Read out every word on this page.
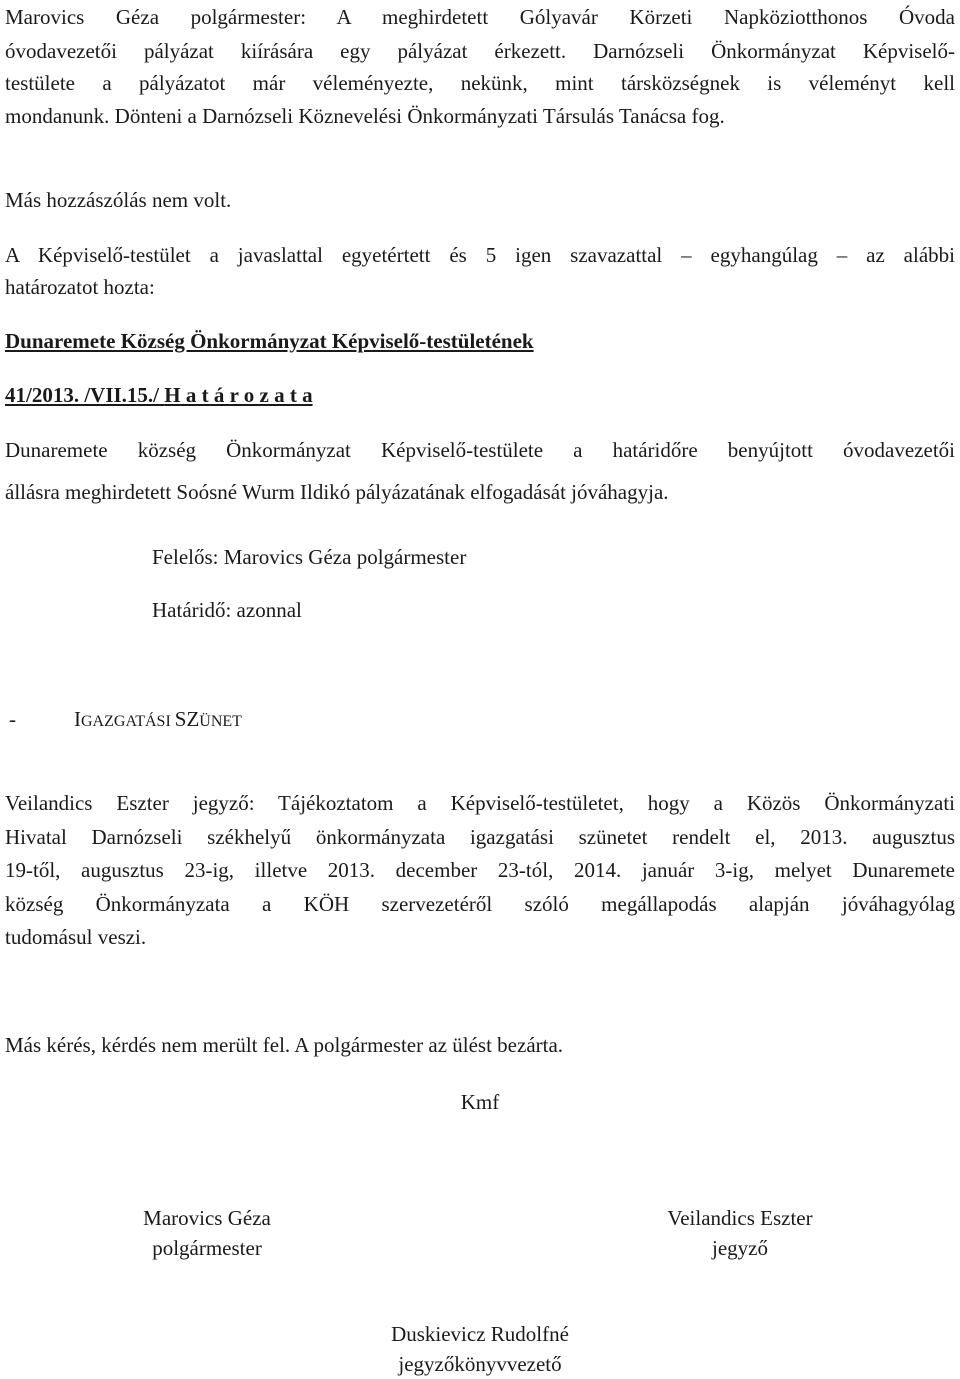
Marovics Géza polgármester: A meghirdetett Gólyavár Körzeti Napköziotthonos Óvoda
óvodavezetői pályázat kiírására egy pályázat érkezett. Darnózseli Önkormányzat Képviselő-
testülete a pályázatot már véleményezte, nekünk, mint társközségnek is véleményt kell
mondanunk. Dönteni a Darnózseli Köznevelési Önkormányzati Társulás Tanácsa fog.
Más hozzászólás nem volt.
A Képviselő-testület a javaslattal egyetértett és 5 igen szavazattal – egyhangúlag – az alábbi
határozatot hozta:
Dunaremete Község Önkormányzat Képviselő-testületének
41/2013. /VII.15./ H a t á r o z a t a
Dunaremete község Önkormányzat Képviselő-testülete a határidőre benyújtott óvodavezetői
állásra meghirdetett Soósné Wurm Ildikó pályázatának elfogadását jóváhagyja.
Felelős: Marovics Géza polgármester
Határidő: azonnal
-	IGAZGATÁSI SZÜNET
Veilandics Eszter jegyző: Tájékoztatom a Képviselő-testületet, hogy a Közös Önkormányzati
Hivatal Darnózseli székhelyű önkormányzata igazgatási szünetet rendelt el, 2013. augusztus
19-től, augusztus 23-ig, illetve 2013. december 23-tól, 2014. január 3-ig, melyet Dunaremete
község Önkormányzata a KÖH szervezetéről szóló megállapodás alapján jóváhagyólag
tudomásul veszi.
Más kérés, kérdés nem merült fel. A polgármester az ülést bezárta.
Kmf
Marovics Géza
polgármester
Veilandics Eszter
jegyző
Duskievicz Rudolfné
jegyzőkönyvvezető
